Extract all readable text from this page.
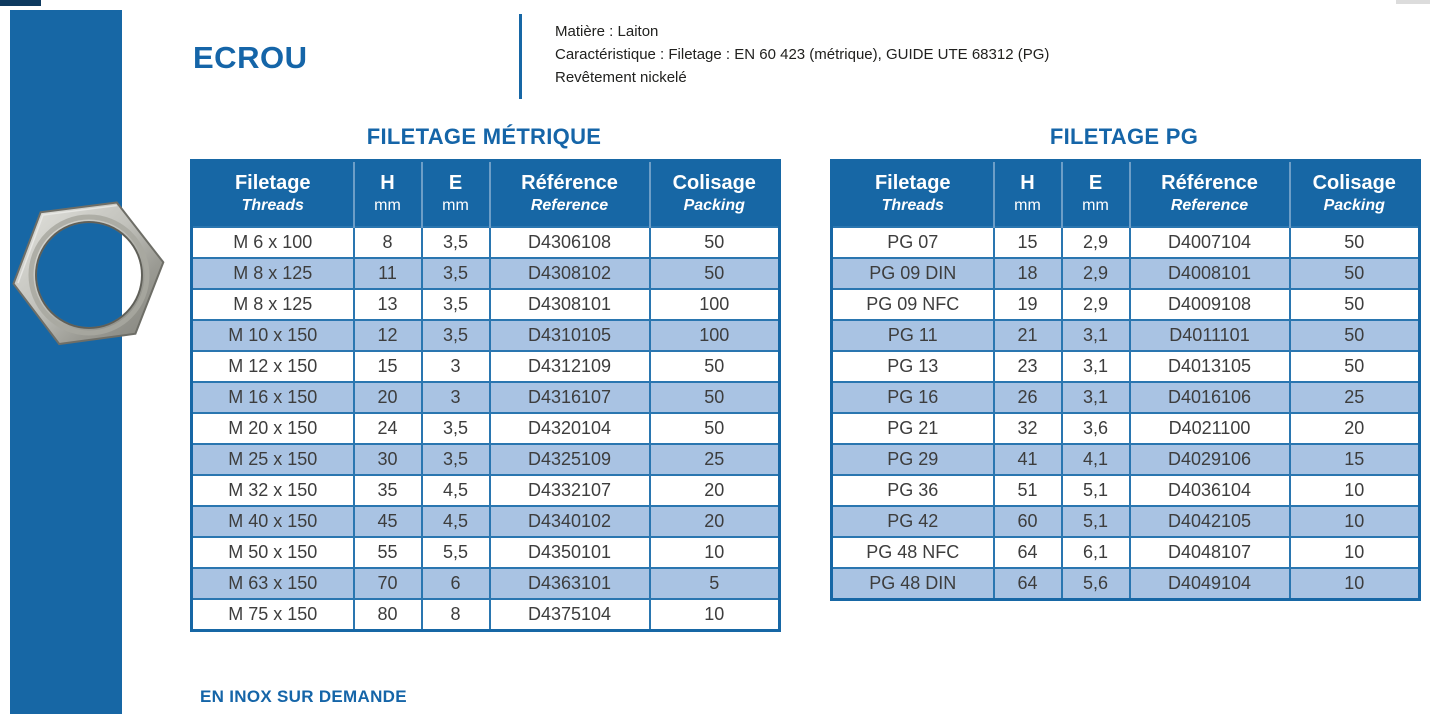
ECROU
Matière : Laiton
Caractéristique : Filetage : EN 60 423 (métrique), GUIDE UTE 68312 (PG)
Revêtement nickelé
FILETAGE MÉTRIQUE
Filetage
Threads

H
mm

E
mm

Référence
Reference

Colisage
Packing

M 6 x 100	8	3,5	D4306108	50
M 8 x 125	11	3,5	D4308102	50
M 8 x 125	13	3,5	D4308101	100
M 10 x 150	12	3,5	D4310105	100
M 12 x 150	15	3	D4312109	50
M 16 x 150	20	3	D4316107	50
M 20 x 150	24	3,5	D4320104	50
M 25 x 150	30	3,5	D4325109	25
M 32 x 150	35	4,5	D4332107	20
M 40 x 150	45	4,5	D4340102	20
M 50 x 150	55	5,5	D4350101	10
M 63 x 150	70	6	D4363101	5
M 75 x 150	80	8	D4375104	10
FILETAGE PG
Filetage
Threads

H
mm

E
mm

Référence
Reference

Colisage
Packing

PG 07	15	2,9	D4007104	50
PG 09 DIN	18	2,9	D4008101	50
PG 09 NFC	19	2,9	D4009108	50
PG 11	21	3,1	D4011101	50
PG 13	23	3,1	D4013105	50
PG 16	26	3,1	D4016106	25
PG 21	32	3,6	D4021100	20
PG 29	41	4,1	D4029106	15
PG 36	51	5,1	D4036104	10
PG 42	60	5,1	D4042105	10
PG 48 NFC	64	6,1	D4048107	10
PG 48 DIN	64	5,6	D4049104	10
EN INOX SUR DEMANDE
